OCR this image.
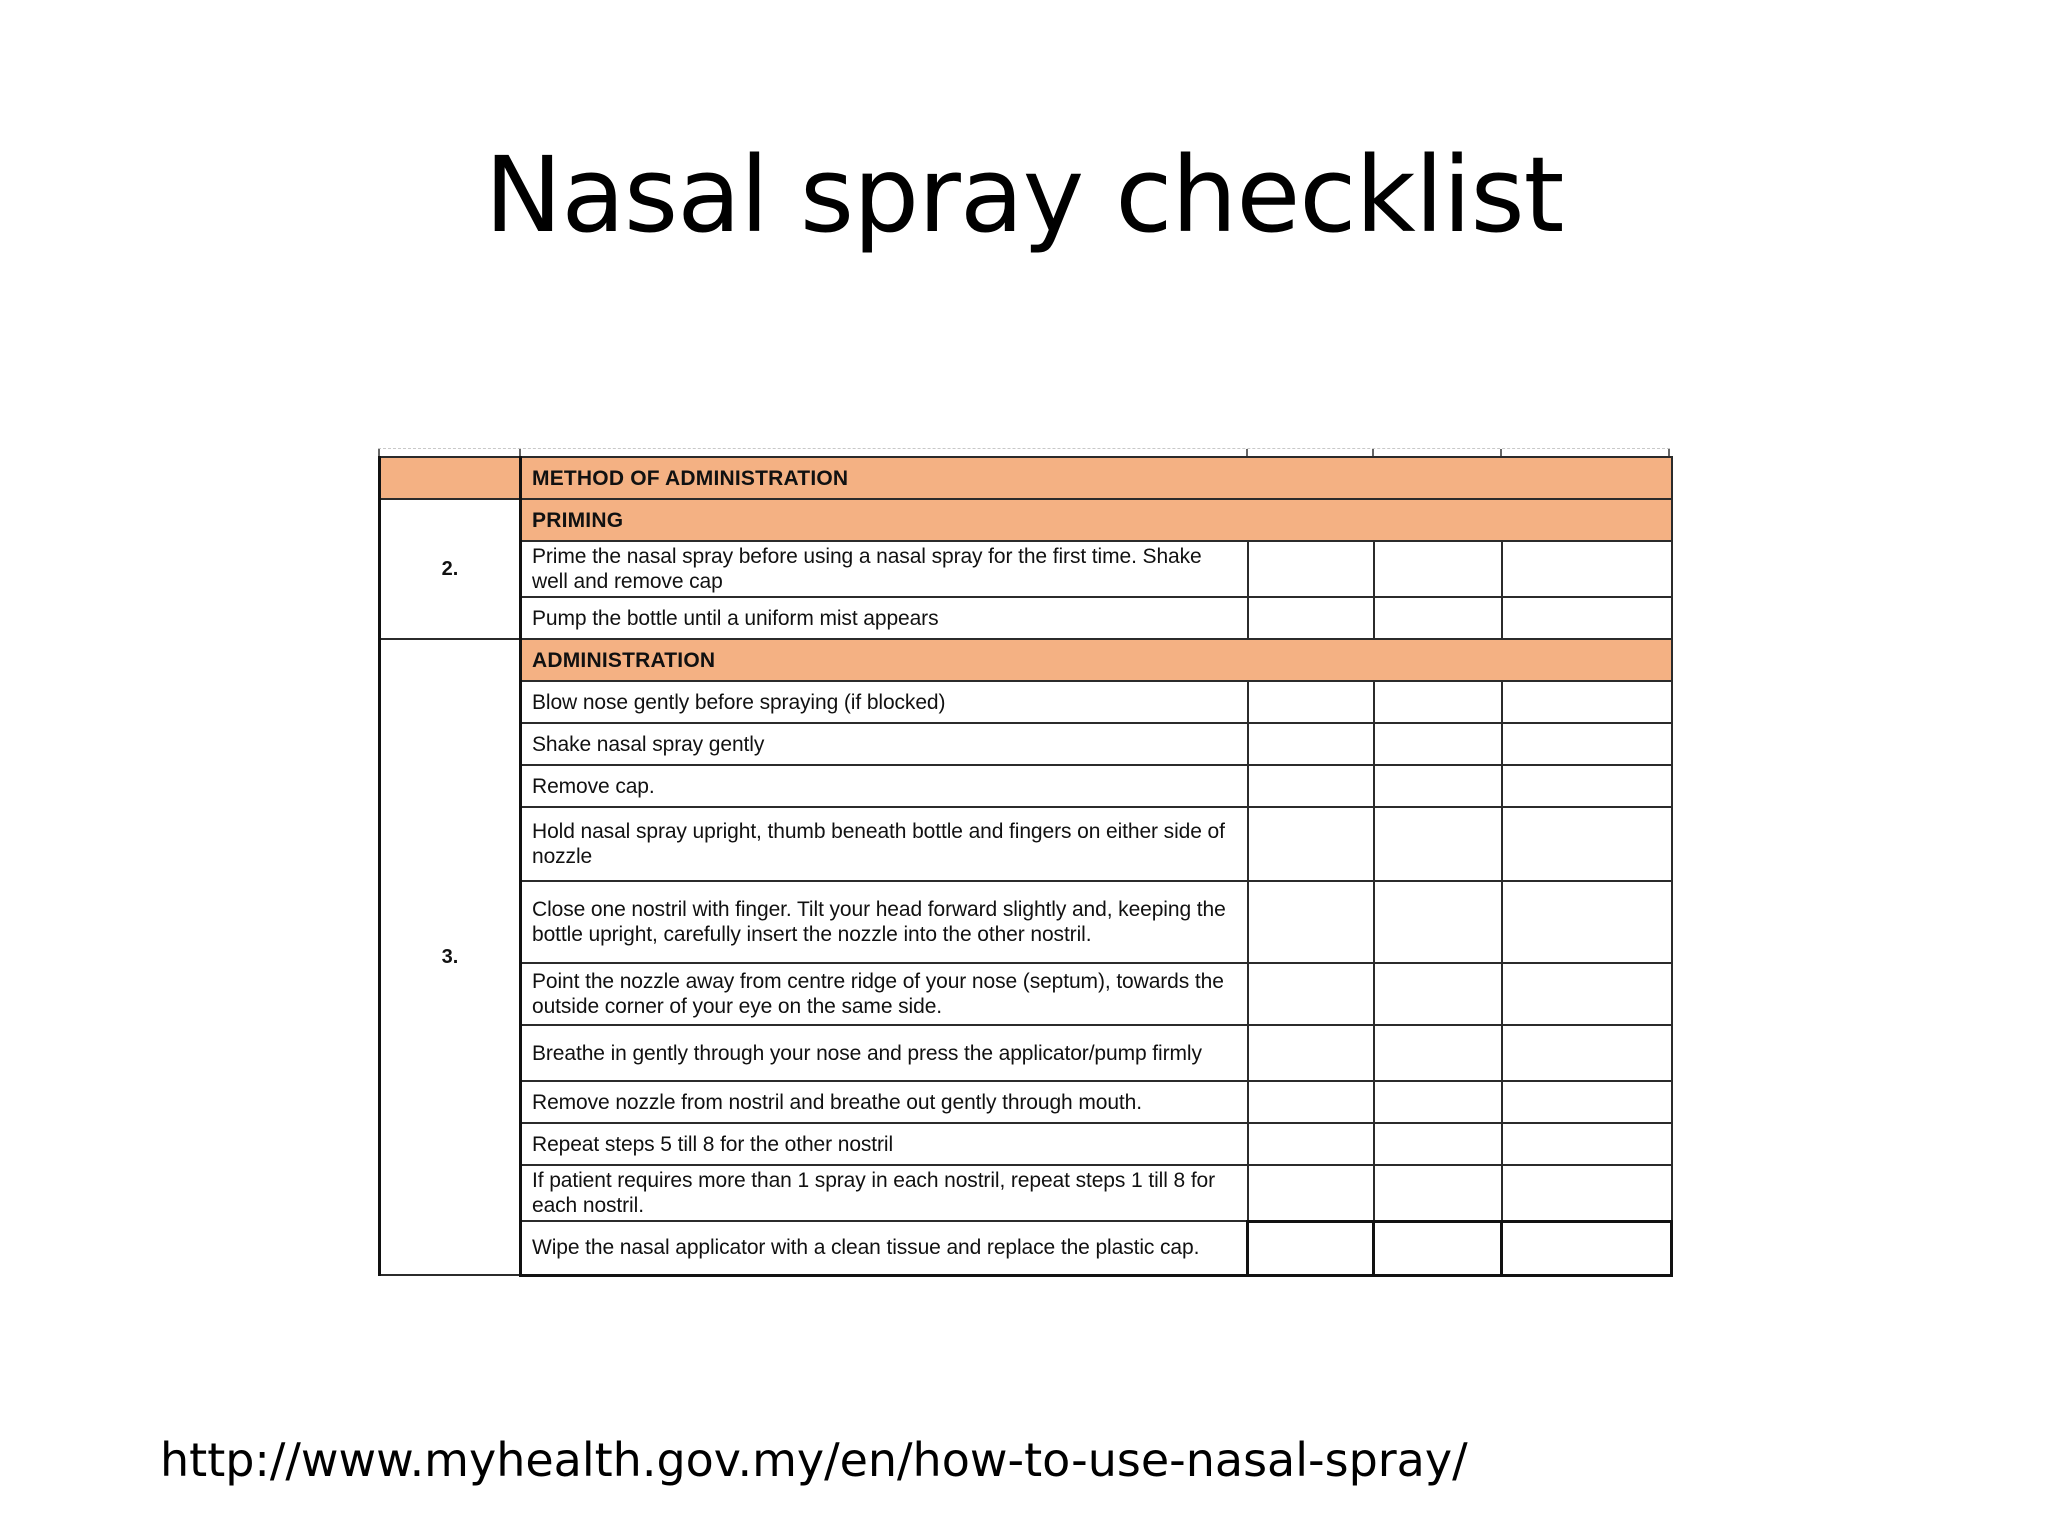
Nasal spray checklist
	METHOD OF ADMINISTRATION			
2.	PRIMING			
	Prime the nasal spray before using a nasal spray for the first time. Shake well and remove cap			
	Pump the bottle until a uniform mist appears			
3.	ADMINISTRATION			
	Blow nose gently before spraying (if blocked)			
	Shake nasal spray gently			
	Remove cap.			
	Hold nasal spray upright, thumb beneath bottle and fingers on either side of nozzle			
	Close one nostril with finger. Tilt your head forward slightly and, keeping the bottle upright, carefully insert the nozzle into the other nostril.			
	Point the nozzle away from centre ridge of your nose (septum), towards the outside corner of your eye on the same side.			
	Breathe in gently through your nose and press the applicator/pump firmly			
	Remove nozzle from nostril and breathe out gently through mouth.			
	Repeat steps 5 till 8 for the other nostril			
	If patient requires more than 1 spray in each nostril, repeat steps 1 till 8 for each nostril.			
	Wipe the nasal applicator with a clean tissue and replace the plastic cap.			
http://www.myhealth.gov.my/en/how-to-use-nasal-spray/
